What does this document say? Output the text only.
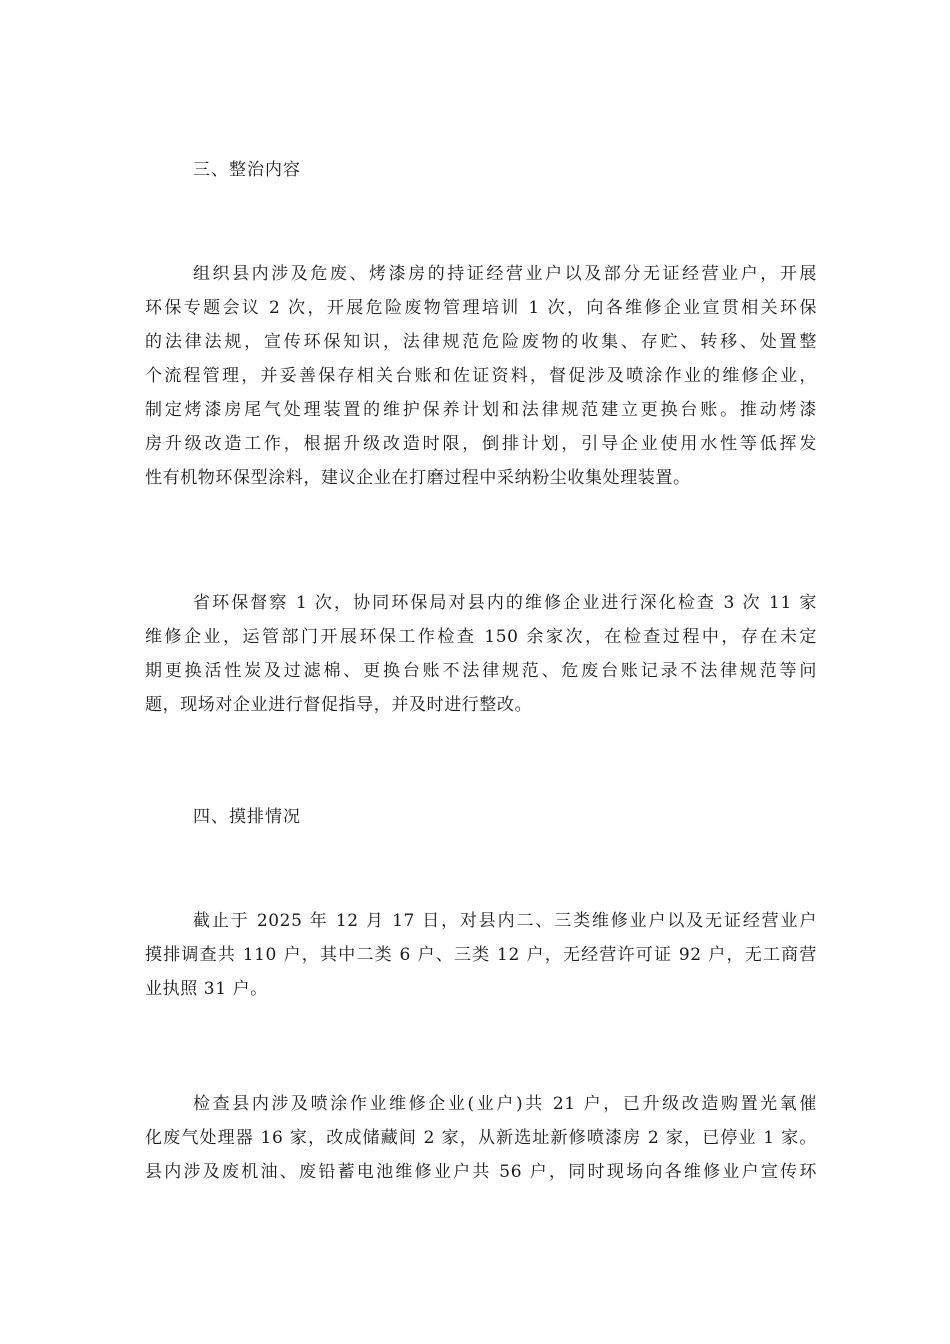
三、整治内容
组织县内涉及危废、烤漆房的持证经营业户以及部分无证经营业户，开展
环保专题会议 2 次，开展危险废物管理培训 1 次，向各维修企业宣贯相关环保
的法律法规，宣传环保知识，法律规范危险废物的收集、存贮、转移、处置整
个流程管理，并妥善保存相关台账和佐证资料，督促涉及喷涂作业的维修企业，
制定烤漆房尾气处理装置的维护保养计划和法律规范建立更换台账。推动烤漆
房升级改造工作，根据升级改造时限，倒排计划，引导企业使用水性等低挥发
性有机物环保型涂料，建议企业在打磨过程中采纳粉尘收集处理装置。
省环保督察 1 次，协同环保局对县内的维修企业进行深化检查 3 次 11 家
维修企业，运管部门开展环保工作检查 150 余家次，在检查过程中，存在未定
期更换活性炭及过滤棉、更换台账不法律规范、危废台账记录不法律规范等问
题，现场对企业进行督促指导，并及时进行整改。
四、摸排情况
截止于 2025 年 12 月 17 日，对县内二、三类维修业户以及无证经营业户
摸排调查共 110 户，其中二类 6 户、三类 12 户，无经营许可证 92 户，无工商营
业执照 31 户。
检查县内涉及喷涂作业维修企业(业户)共 21 户，已升级改造购置光氧催
化废气处理器 16 家，改成储藏间 2 家，从新选址新修喷漆房 2 家，已停业 1 家。
县内涉及废机油、废铅蓄电池维修业户共 56 户，同时现场向各维修业户宣传环
